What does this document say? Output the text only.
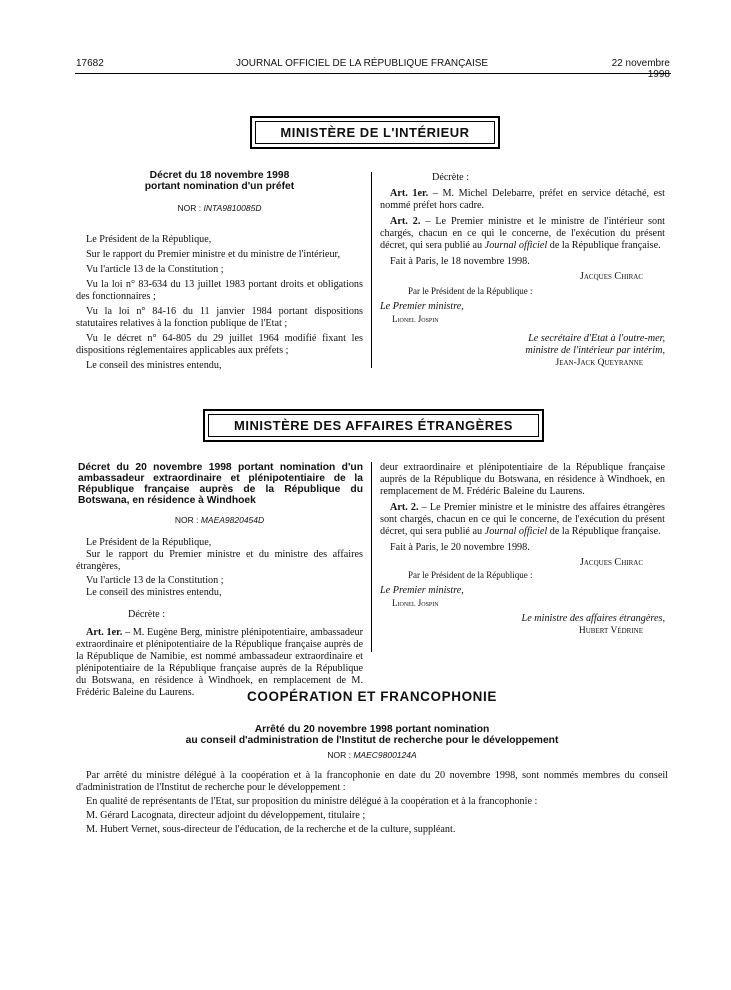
17682	JOURNAL OFFICIEL DE LA RÉPUBLIQUE FRANÇAISE	22 novembre 1998
MINISTÈRE DE L'INTÉRIEUR
Décret du 18 novembre 1998
portant nomination d'un préfet
NOR : INTA9810085D

Le Président de la République,

Sur le rapport du Premier ministre et du ministre de l'intérieur,

Vu l'article 13 de la Constitution ;

Vu la loi n° 83-634 du 13 juillet 1983 portant droits et obligations des fonctionnaires ;

Vu la loi n° 84-16 du 11 janvier 1984 portant dispositions statutaires relatives à la fonction publique de l'Etat ;

Vu le décret n° 64-805 du 29 juillet 1964 modifié fixant les dispositions réglementaires applicables aux préfets ;

Le conseil des ministres entendu,

Décrète :

Art. 1er. – M. Michel Delebarre, préfet en service détaché, est nommé préfet hors cadre.

Art. 2. – Le Premier ministre et le ministre de l'intérieur sont chargés, chacun en ce qui le concerne, de l'exécution du présent décret, qui sera publié au Journal officiel de la République française.

Fait à Paris, le 18 novembre 1998.

Jacques Chirac

Par le Président de la République :

Le Premier ministre,

Lionel Jospin

Le secrétaire d'Etat à l'outre-mer,

ministre de l'intérieur par intérim,

Jean-Jack Queyranne

MINISTÈRE DES AFFAIRES ÉTRANGÈRES
Décret du 20 novembre 1998 portant nomination d'un ambassadeur extraordinaire et plénipotentiaire de la République française auprès de la République du Botswana, en résidence à Windhoek
NOR : MAEA9820454D

Le Président de la République,

Sur le rapport du Premier ministre et du ministre des affaires étrangères,

Vu l'article 13 de la Constitution ;

Le conseil des ministres entendu,

Décrète :

Art. 1er. – M. Eugène Berg, ministre plénipotentiaire, ambassadeur extraordinaire et plénipotentiaire de la République française auprès de la République de Namibie, est nommé ambassadeur extraordinaire et plénipotentiaire de la République française auprès de la République du Botswana, en résidence à Windhoek, en remplacement de M. Frédéric Baleine du Laurens.

deur extraordinaire et plénipotentiaire de la République française auprès de la République du Botswana, en résidence à Windhoek, en remplacement de M. Frédéric Baleine du Laurens.

Art. 2. – Le Premier ministre et le ministre des affaires étrangères sont chargés, chacun en ce qui le concerne, de l'exécution du présent décret, qui sera publié au Journal officiel de la République française.

Fait à Paris, le 20 novembre 1998.

Jacques Chirac

Par le Président de la République :

Le Premier ministre,

Lionel Jospin

Le ministre des affaires étrangères,

Hubert Védrine

COOPÉRATION ET FRANCOPHONIE
Arrêté du 20 novembre 1998 portant nomination
au conseil d'administration de l'Institut de recherche pour le développement
NOR : MAEC9800124A

Par arrêté du ministre délégué à la coopération et à la francophonie en date du 20 novembre 1998, sont nommés membres du conseil d'administration de l'Institut de recherche pour le développement :

En qualité de représentants de l'Etat, sur proposition du ministre délégué à la coopération et à la francophonie :

M. Gérard Lacognata, directeur adjoint du développement, titulaire ;

M. Hubert Vernet, sous-directeur de l'éducation, de la recherche et de la culture, suppléant.
